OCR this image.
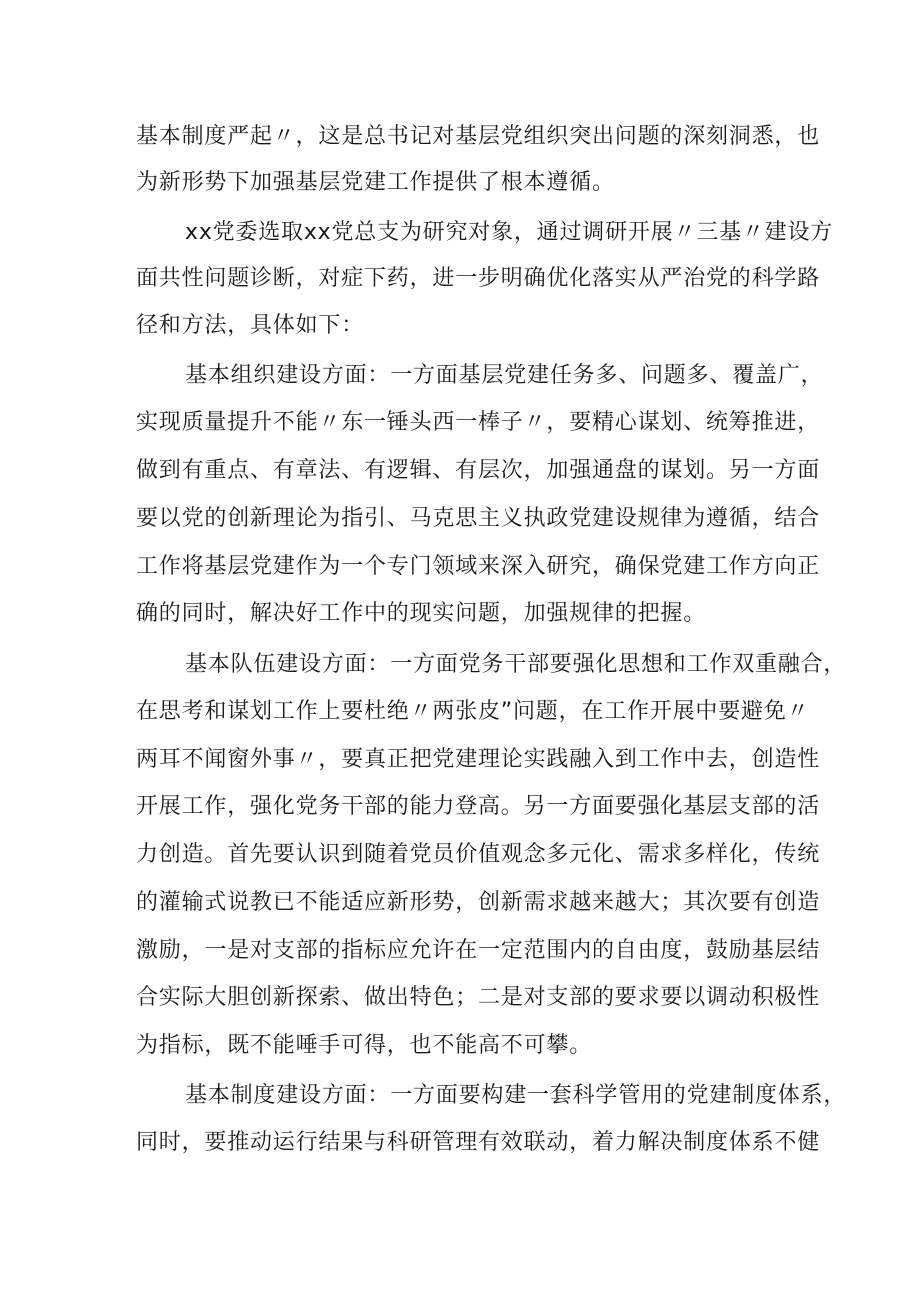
基本制度严起〃，这是总书记对基层党组织突出问题的深刻洞悉，也
为新形势下加强基层党建工作提供了根本遵循。
xx党委选取xx党总支为研究对象，通过调研开展〃三基〃建设方
面共性问题诊断，对症下药，进一步明确优化落实从严治党的科学路
径和方法，具体如下：
基本组织建设方面：一方面基层党建任务多、问题多、覆盖广，
实现质量提升不能〃东一锤头西一棒子〃，要精心谋划、统筹推进，
做到有重点、有章法、有逻辑、有层次，加强通盘的谋划。另一方面
要以党的创新理论为指引、马克思主义执政党建设规律为遵循，结合
工作将基层党建作为一个专门领域来深入研究，确保党建工作方向正
确的同时，解决好工作中的现实问题，加强规律的把握。
基本队伍建设方面：一方面党务干部要强化思想和工作双重融合，
在思考和谋划工作上要杜绝〃两张皮”问题，在工作开展中要避免〃
两耳不闻窗外事〃，要真正把党建理论实践融入到工作中去，创造性
开展工作，强化党务干部的能力登高。另一方面要强化基层支部的活
力创造。首先要认识到随着党员价值观念多元化、需求多样化，传统
的灌输式说教已不能适应新形势，创新需求越来越大；其次要有创造
激励，一是对支部的指标应允许在一定范围内的自由度，鼓励基层结
合实际大胆创新探索、做出特色；二是对支部的要求要以调动积极性
为指标，既不能唾手可得，也不能高不可攀。
基本制度建设方面：一方面要构建一套科学管用的党建制度体系，
同时，要推动运行结果与科研管理有效联动，着力解决制度体系不健
